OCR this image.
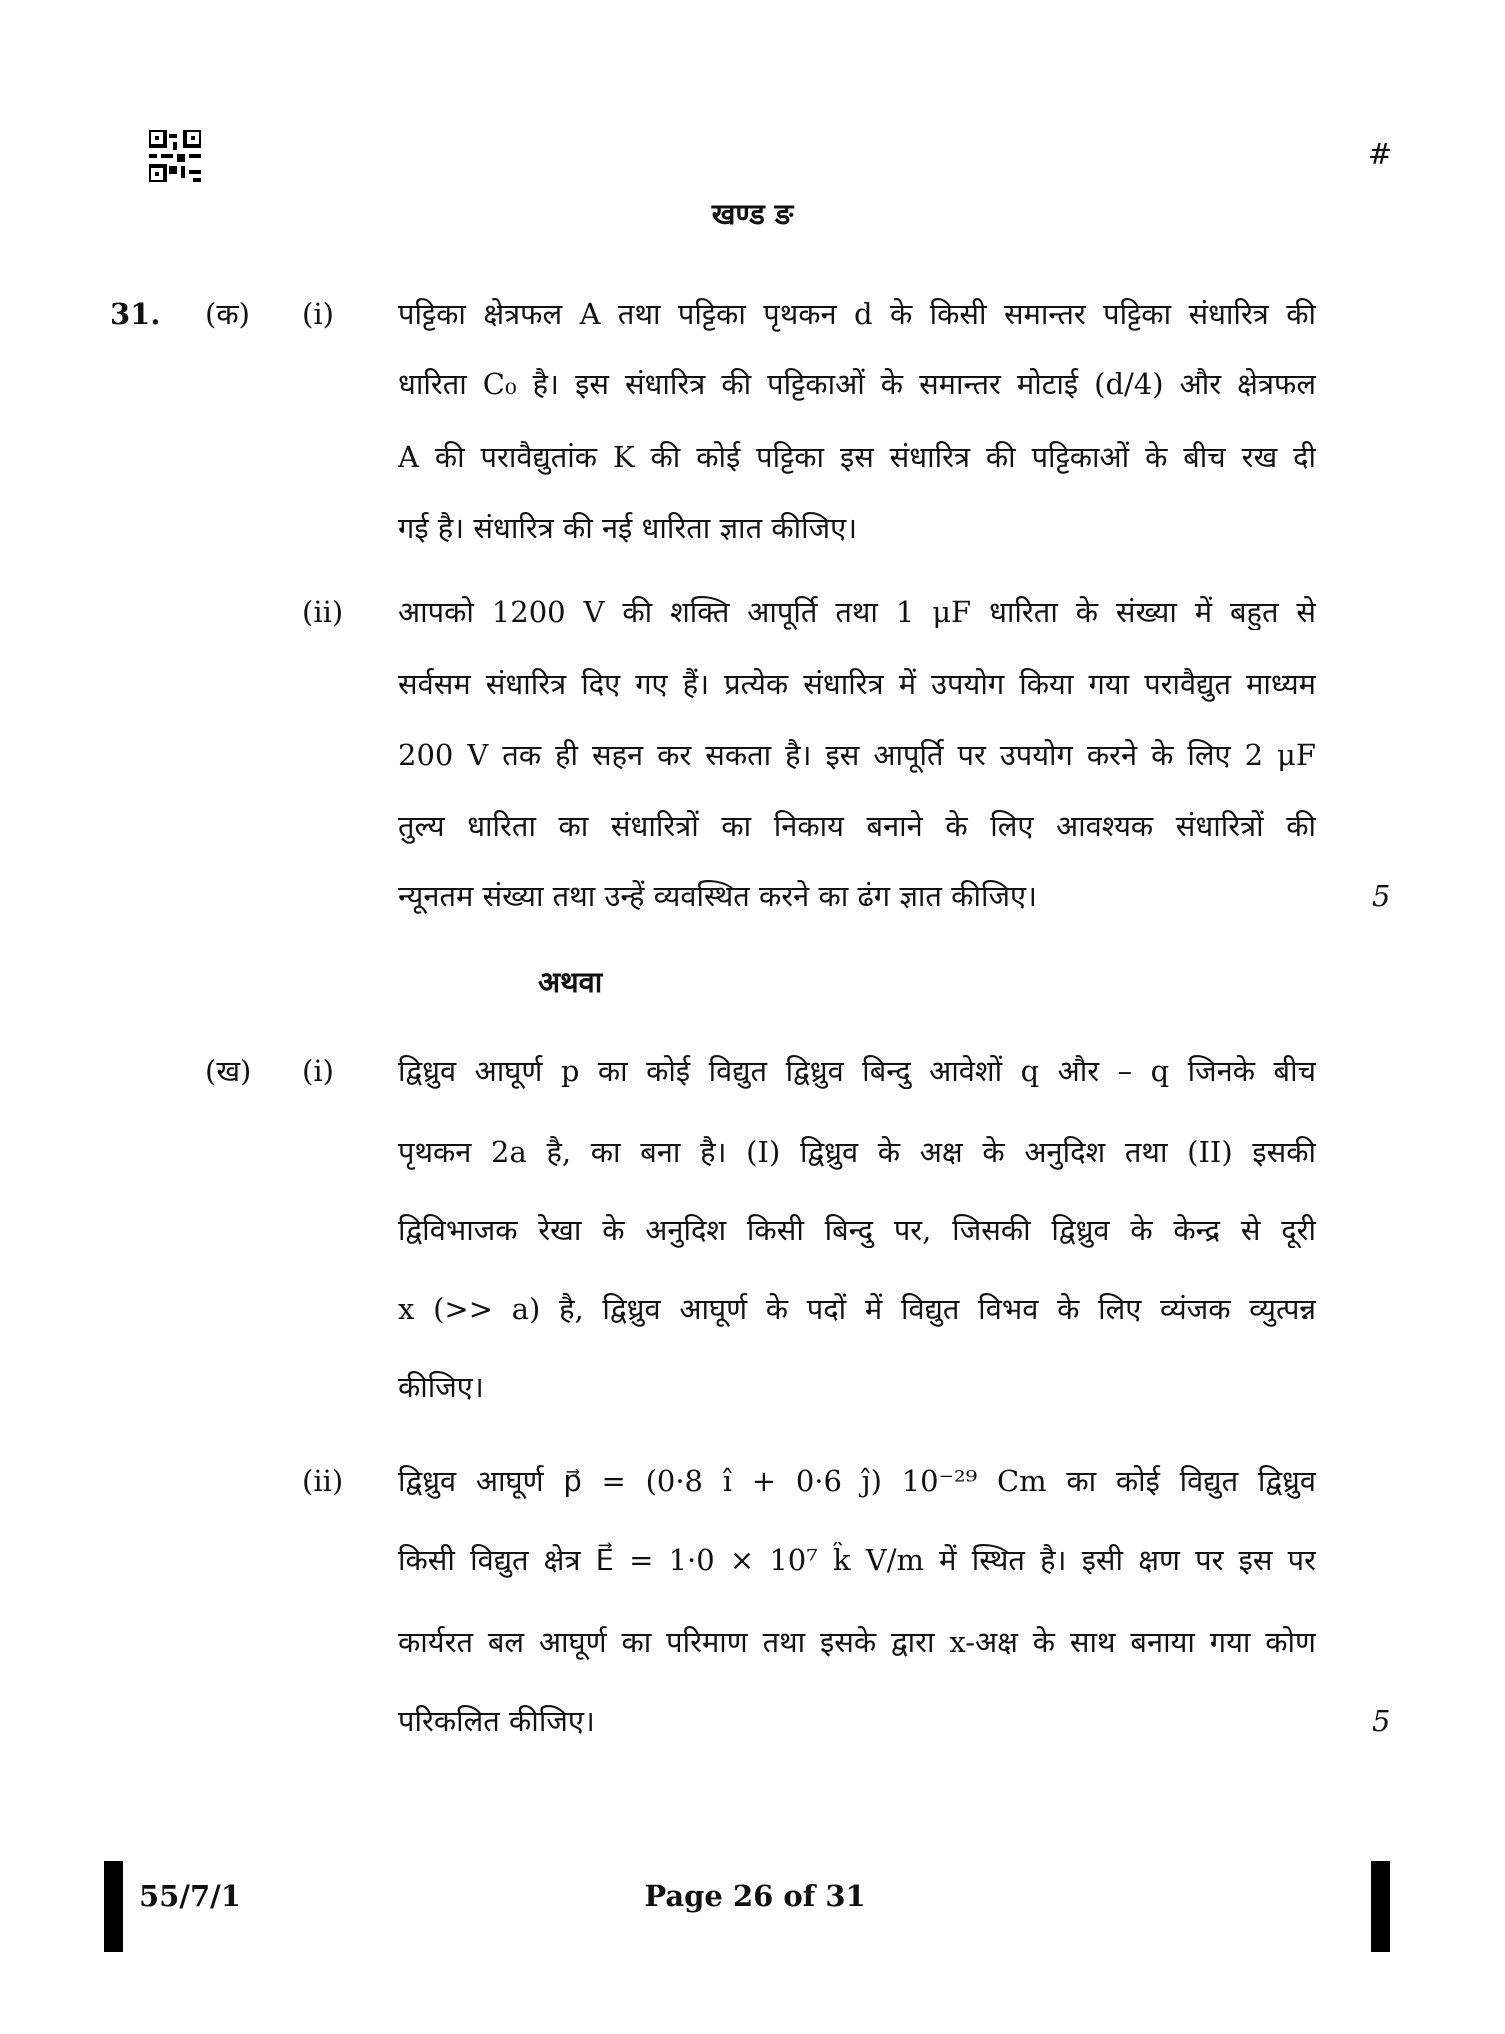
#
खण्ड ङ
31. (क) (i) पट्टिका क्षेत्रफल A तथा पट्टिका पृथकन d के किसी समान्तर पट्टिका संधारित्र की
धारिता C₀ है। इस संधारित्र की पट्टिकाओं के समान्तर मोटाई (d/4) और क्षेत्रफल
A की परावैद्युतांक K की कोई पट्टिका इस संधारित्र की पट्टिकाओं के बीच रख दी
गई है। संधारित्र की नई धारिता ज्ञात कीजिए।
(ii) आपको 1200 V की शक्ति आपूर्ति तथा 1 μF धारिता के संख्या में बहुत से
सर्वसम संधारित्र दिए गए हैं। प्रत्येक संधारित्र में उपयोग किया गया परावैद्युत माध्यम
200 V तक ही सहन कर सकता है। इस आपूर्ति पर उपयोग करने के लिए 2 μF
तुल्य धारिता का संधारित्रों का निकाय बनाने के लिए आवश्यक संधारित्रों की
न्यूनतम संख्या तथा उन्हें व्यवस्थित करने का ढंग ज्ञात कीजिए।	5
अथवा
(ख) (i) द्विध्रुव आघूर्ण p का कोई विद्युत द्विध्रुव बिन्दु आवेशों q और – q जिनके बीच
पृथकन 2a है, का बना है। (I) द्विध्रुव के अक्ष के अनुदिश तथा (II) इसकी
द्विविभाजक रेखा के अनुदिश किसी बिन्दु पर, जिसकी द्विध्रुव के केन्द्र से दूरी
x (>> a) है, द्विध्रुव आघूर्ण के पदों में विद्युत विभव के लिए व्यंजक व्युत्पन्न
कीजिए।
(ii) द्विध्रुव आघूर्ण p⃗ = (0·8 î + 0·6 ĵ) 10⁻²⁹ Cm का कोई विद्युत द्विध्रुव
किसी विद्युत क्षेत्र E⃗ = 1·0 × 10⁷ k̂ V/m में स्थित है। इसी क्षण पर इस पर
कार्यरत बल आघूर्ण का परिमाण तथा इसके द्वारा x-अक्ष के साथ बनाया गया कोण
परिकलित कीजिए।	5
55/7/1	Page 26 of 31
